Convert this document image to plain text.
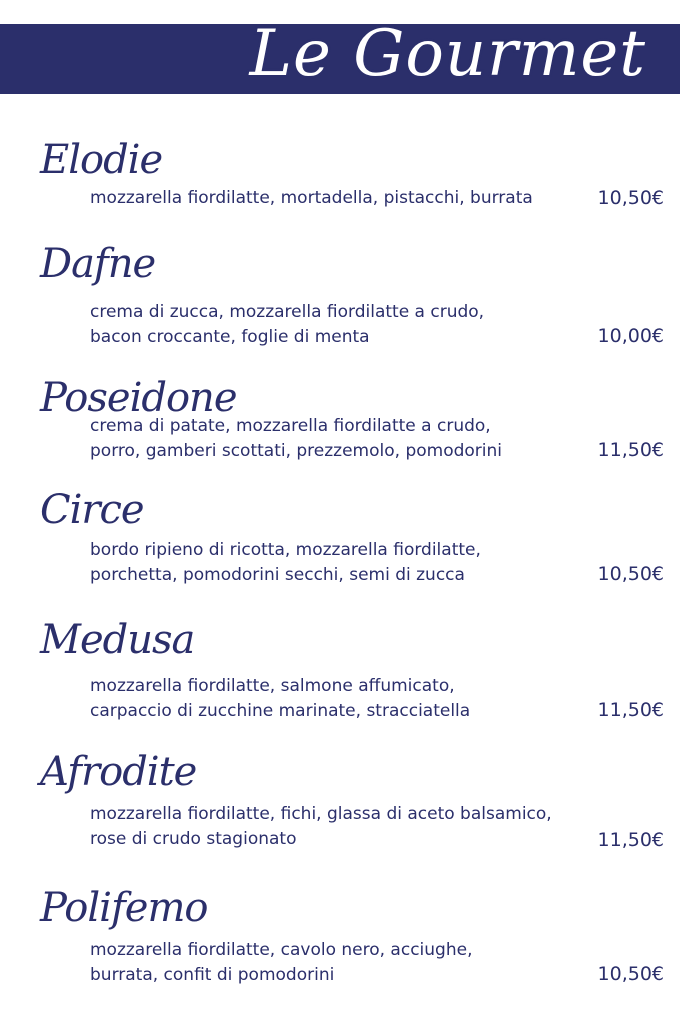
Le Gourmet
Elodie
mozzarella fiordilatte, mortadella, pistacchi, burrata	10,50€
Dafne
crema di zucca, mozzarella fiordilatte a crudo,
bacon croccante, foglie di menta	10,00€
Poseidone
crema di patate, mozzarella fiordilatte a crudo,
porro, gamberi scottati, prezzemolo, pomodorini	11,50€
Circe
bordo ripieno di ricotta, mozzarella fiordilatte,
porchetta, pomodorini secchi, semi di zucca	10,50€
Medusa
mozzarella fiordilatte, salmone affumicato,
carpaccio di zucchine marinate, stracciatella	11,50€
Afrodite
mozzarella fiordilatte, fichi, glassa di aceto balsamico,
rose di crudo stagionato	11,50€
Polifemo
mozzarella fiordilatte, cavolo nero, acciughe,
burrata, confit di pomodorini	10,50€
